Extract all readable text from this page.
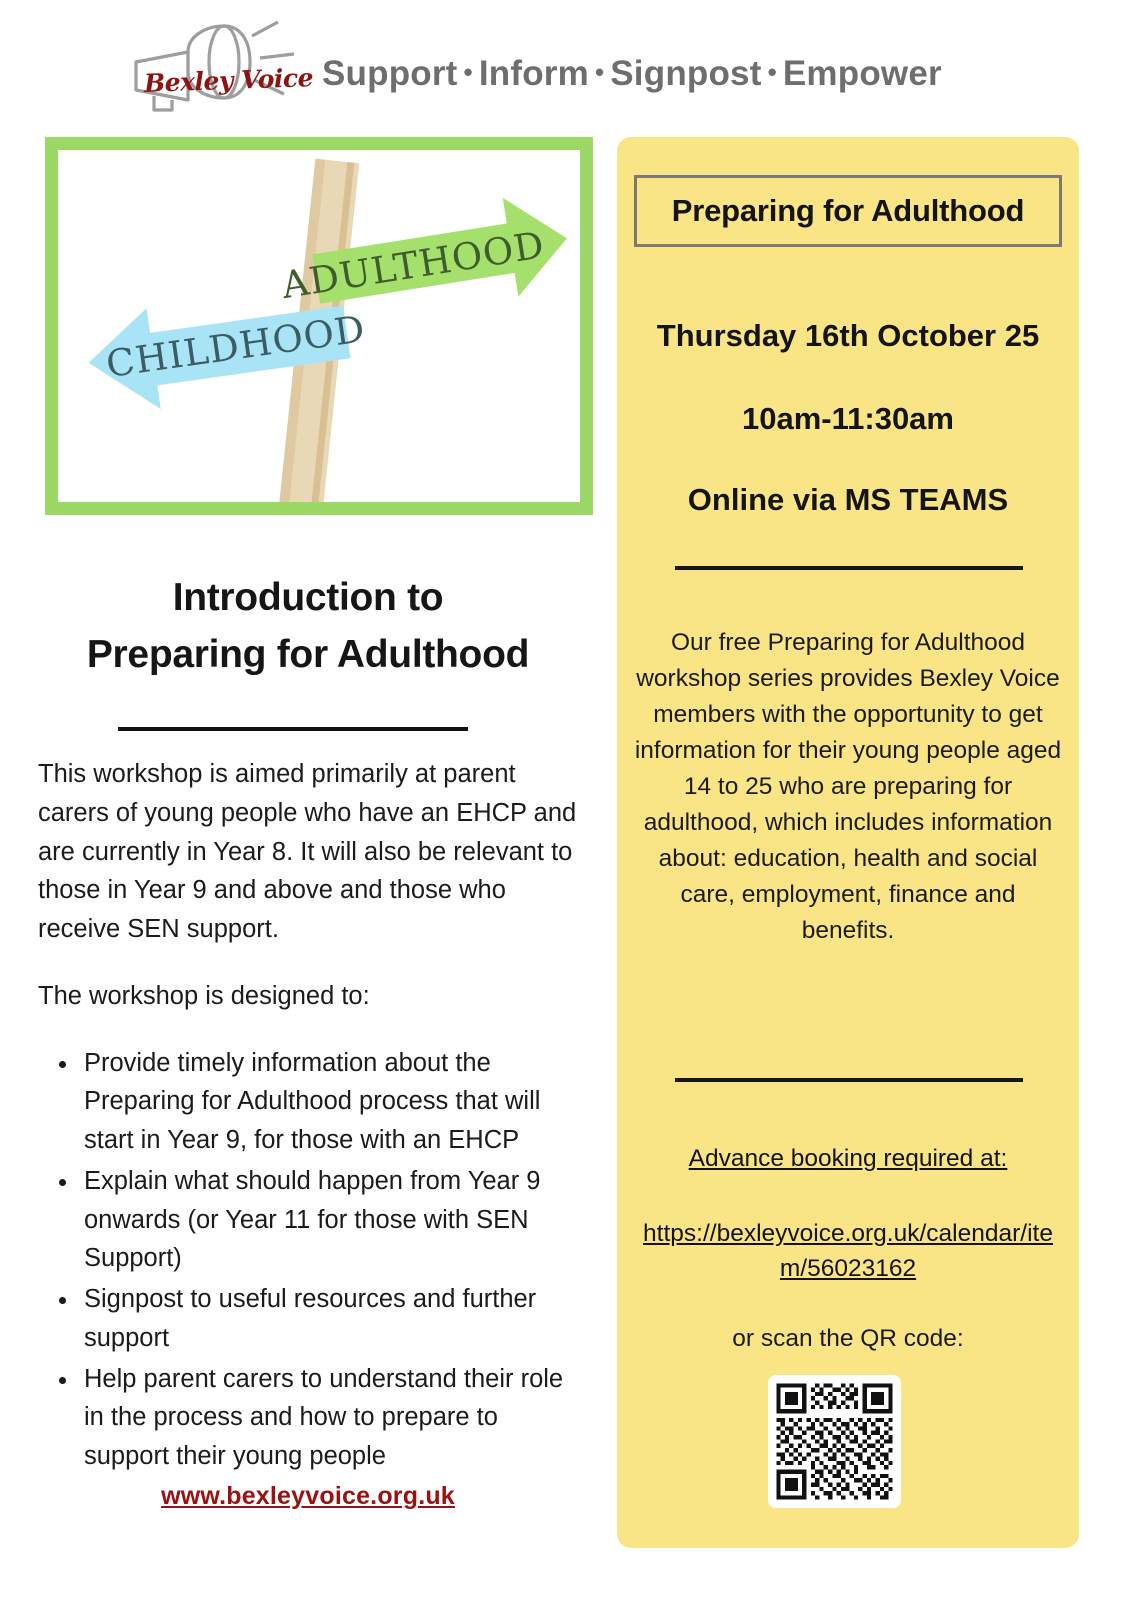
Bexley Voice Support • Inform • Signpost • Empower
CHILDHOOD
ADULTHOOD
Introduction to
Preparing for Adulthood

This workshop is aimed primarily at parent carers of young people who have an EHCP and are currently in Year 8. It will also be relevant to those in Year 9 and above and those who receive SEN support.

The workshop is designed to:

• Provide timely information about the Preparing for Adulthood process that will start in Year 9, for those with an EHCP
• Explain what should happen from Year 9 onwards (or Year 11 for those with SEN Support)
• Signpost to useful resources and further support
• Help parent carers to understand their role in the process and how to prepare to support their young people
www.bexleyvoice.org.uk
Preparing for Adulthood
Thursday 16th October 25
10am-11:30am
Online via MS TEAMS
Our free Preparing for Adulthood workshop series provides Bexley Voice members with the opportunity to get information for their young people aged 14 to 25 who are preparing for adulthood, which includes information about: education, health and social care, employment, finance and benefits.
Advance booking required at:
https://bexleyvoice.org.uk/calendar/item/56023162
or scan the QR code:
